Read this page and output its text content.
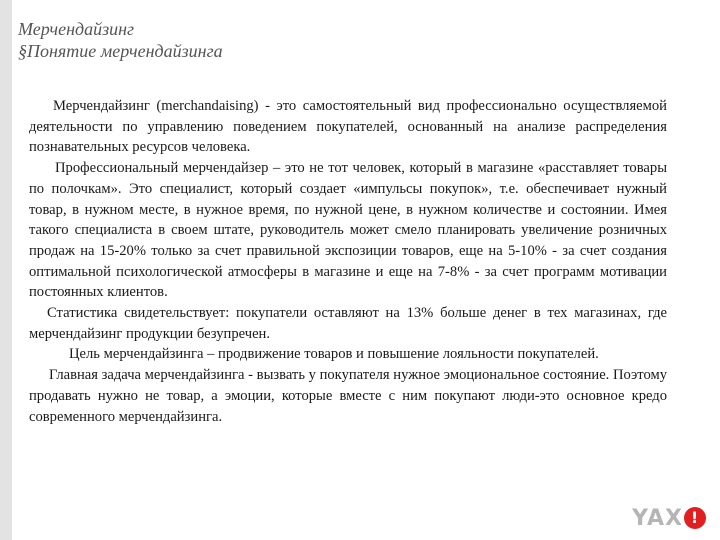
Мерчендайзинг

§Понятие мерчендайзинга

Мерчендайзинг (merchandaising) - это самостоятельный вид профессионально осуществляемой деятельности по управлению поведением покупателей, основанный на анализе распределения познавательных ресурсов человека.

Профессиональный мерчендайзер – это не тот человек, который в магазине «расставляет товары по полочкам». Это специалист, который создает «импульсы покупок», т.е. обеспечивает нужный товар, в нужном месте, в нужное время, по нужной цене, в нужном количестве и состоянии. Имея такого специалиста в своем штате, руководитель может смело планировать увеличение розничных продаж на 15-20% только за счет правильной экспозиции товаров, еще на 5-10% - за счет создания оптимальной психологической атмосферы в магазине и еще на 7-8% - за счет программ мотивации постоянных клиентов.

Статистика свидетельствует: покупатели оставляют на 13% больше денег в тех магазинах, где мерчендайзинг продукции безупречен.

Цель мерчендайзинга – продвижение товаров и повышение лояльности покупателей.

Главная задача мерчендайзинга - вызвать у покупателя нужное эмоциональное состояние. Поэтому продавать нужно не товар, а эмоции, которые вместе с ним покупают люди-это основное кредо современного мерчендайзинга.

YAX !
